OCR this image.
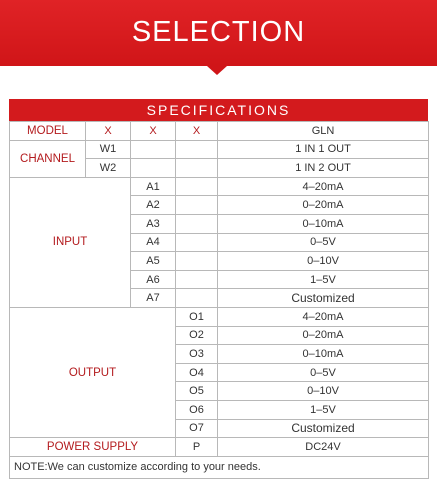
SELECTION
SPECIFICATIONS
MODEL	X	X	X	GLN
CHANNEL	W1			1 IN 1 OUT
	W2			1 IN 2 OUT
INPUT		A1		4–20mA
		A2		0–20mA
		A3		0–10mA
		A4		0–5V
		A5		0–10V
		A6		1–5V
		A7		Customized
OUTPUT			O1	4–20mA
			O2	0–20mA
			O3	0–10mA
			O4	0–5V
			O5	0–10V
			O6	1–5V
			O7	Customized
POWER SUPPLY			P	DC24V
NOTE:We can customize according to your needs.				
